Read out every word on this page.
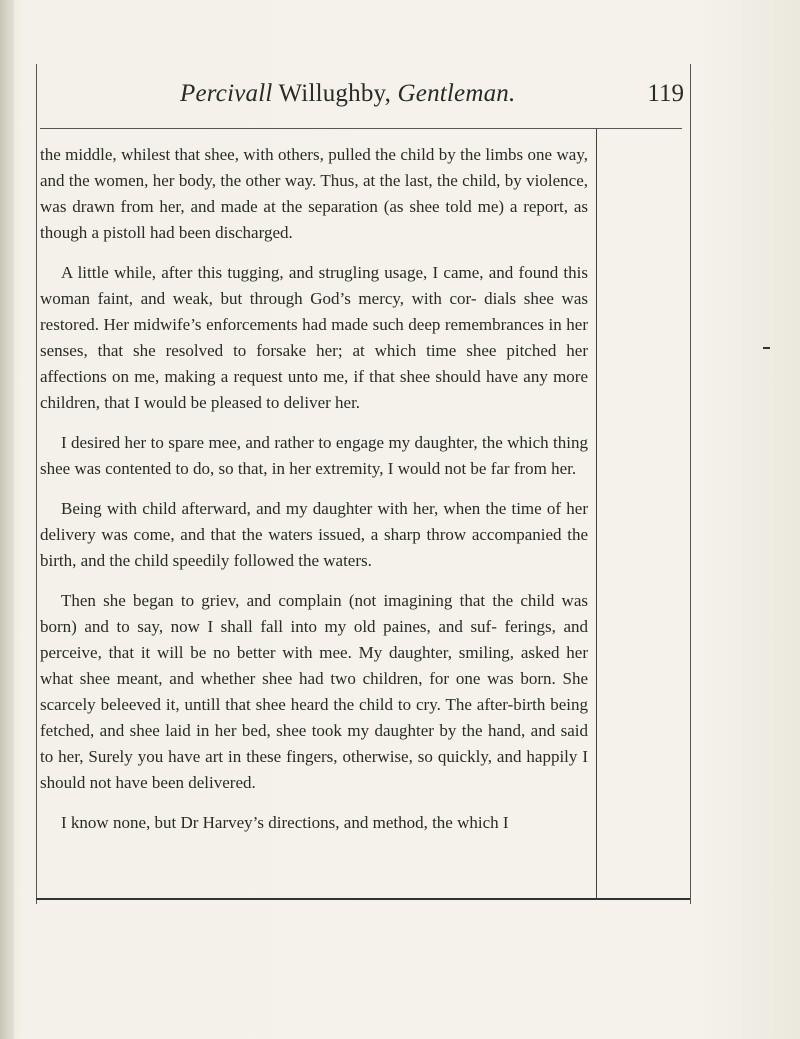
Percivall Willughby, Gentleman.	119

the middle, whilest that shee, with others, pulled the child by the limbs one way, and the women, her body, the other way. Thus, at the last, the child, by violence, was drawn from her, and made at the separation (as shee told me) a report, as though a pistoll had been discharged.

A little while, after this tugging, and strugling usage, I came, and found this woman faint, and weak, but through God’s mercy, with cor- dials shee was restored. Her midwife’s enforcements had made such deep remembrances in her senses, that she resolved to forsake her; at which time shee pitched her affections on me, making a request unto me, if that shee should have any more children, that I would be pleased to deliver her.

I desired her to spare mee, and rather to engage my daughter, the which thing shee was contented to do, so that, in her extremity, I would not be far from her.

Being with child afterward, and my daughter with her, when the time of her delivery was come, and that the waters issued, a sharp throw accompanied the birth, and the child speedily followed the waters.

Then she began to griev, and complain (not imagining that the child was born) and to say, now I shall fall into my old paines, and suf- ferings, and perceive, that it will be no better with mee. My daughter, smiling, asked her what shee meant, and whether shee had two children, for one was born. She scarcely beleeved it, untill that shee heard the child to cry. The after-birth being fetched, and shee laid in her bed, shee took my daughter by the hand, and said to her, Surely you have art in these fingers, otherwise, so quickly, and happily I should not have been delivered.

I know none, but Dr Harvey’s directions, and method, the which I
